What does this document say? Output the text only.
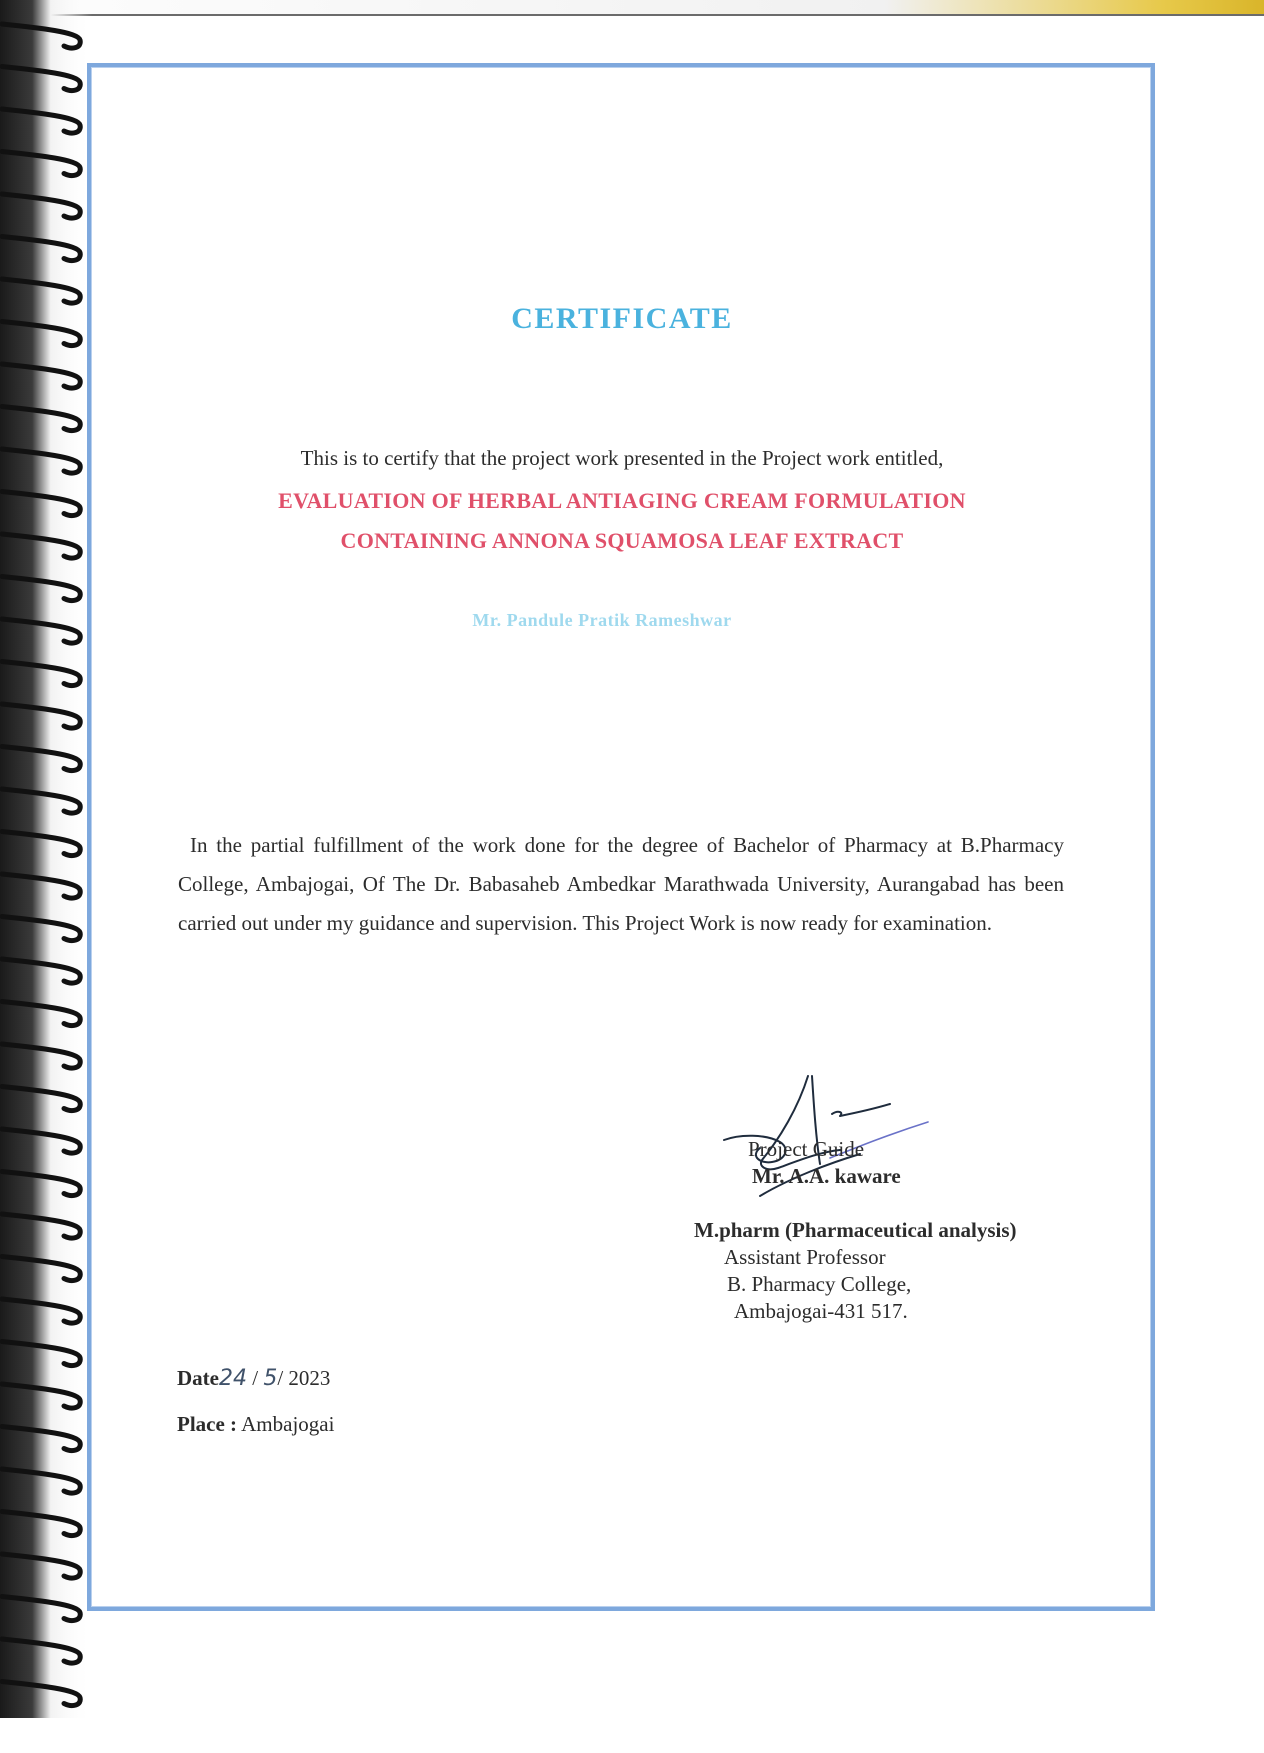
CERTIFICATE
This is to certify that the project work presented in the Project work entitled,
EVALUATION OF HERBAL ANTIAGING CREAM FORMULATION
CONTAINING ANNONA SQUAMOSA LEAF EXTRACT
Mr. Pandule Pratik Rameshwar
In the partial fulfillment of the work done for the degree of Bachelor of Pharmacy at B.Pharmacy College, Ambajogai, Of The Dr. Babasaheb Ambedkar Marathwada University, Aurangabad has been carried out under my guidance and supervision. This Project Work is now ready for examination.
Project Guide
Mr. A.A. kaware
M.pharm (Pharmaceutical analysis)
Assistant Professor
B. Pharmacy College,
Ambajogai-431 517.
Date24 / 5/ 2023
Place : Ambajogai
